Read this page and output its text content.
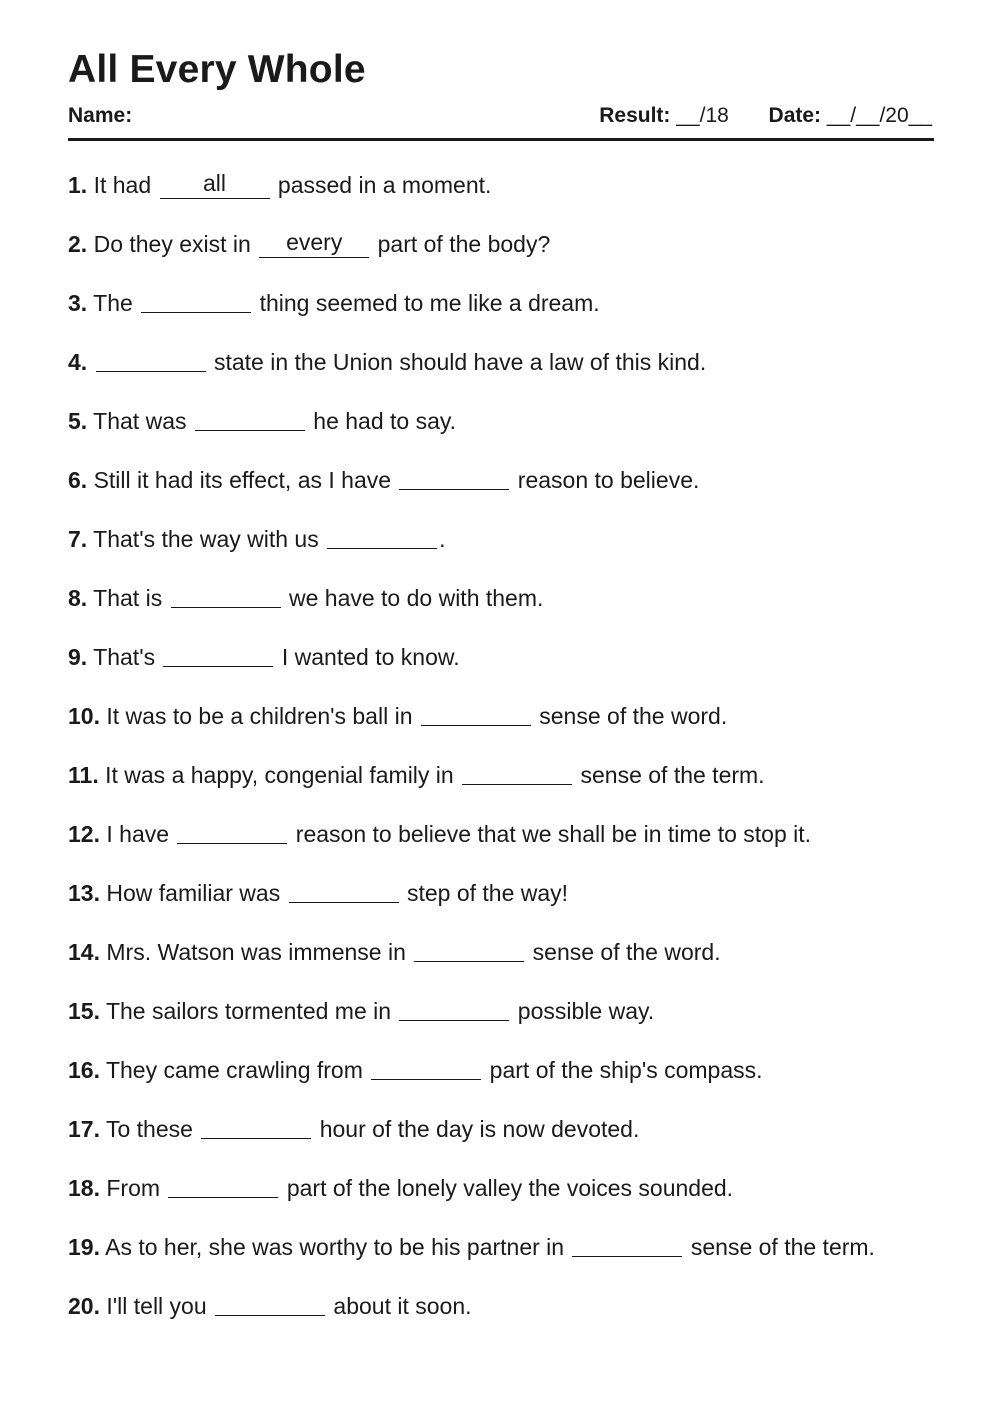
All Every Whole
Name:	Result: __/18 Date: __/__/20__
1. It had all passed in a moment.
2. Do they exist in every part of the body?
3. The	thing seemed to me like a dream.
4.	state in the Union should have a law of this kind.
5. That was	he had to say.
6. Still it had its effect, as I have	reason to believe.
7. That's the way with us	.
8. That is	we have to do with them.
9. That's	I wanted to know.
10. It was to be a children's ball in	sense of the word.
11. It was a happy, congenial family in	sense of the term.
12. I have	reason to believe that we shall be in time to stop it.
13. How familiar was	step of the way!
14. Mrs. Watson was immense in	sense of the word.
15. The sailors tormented me in	possible way.
16. They came crawling from	part of the ship's compass.
17. To these	hour of the day is now devoted.
18. From	part of the lonely valley the voices sounded.
19. As to her, she was worthy to be his partner in	sense of the term.
20. I'll tell you	about it soon.
